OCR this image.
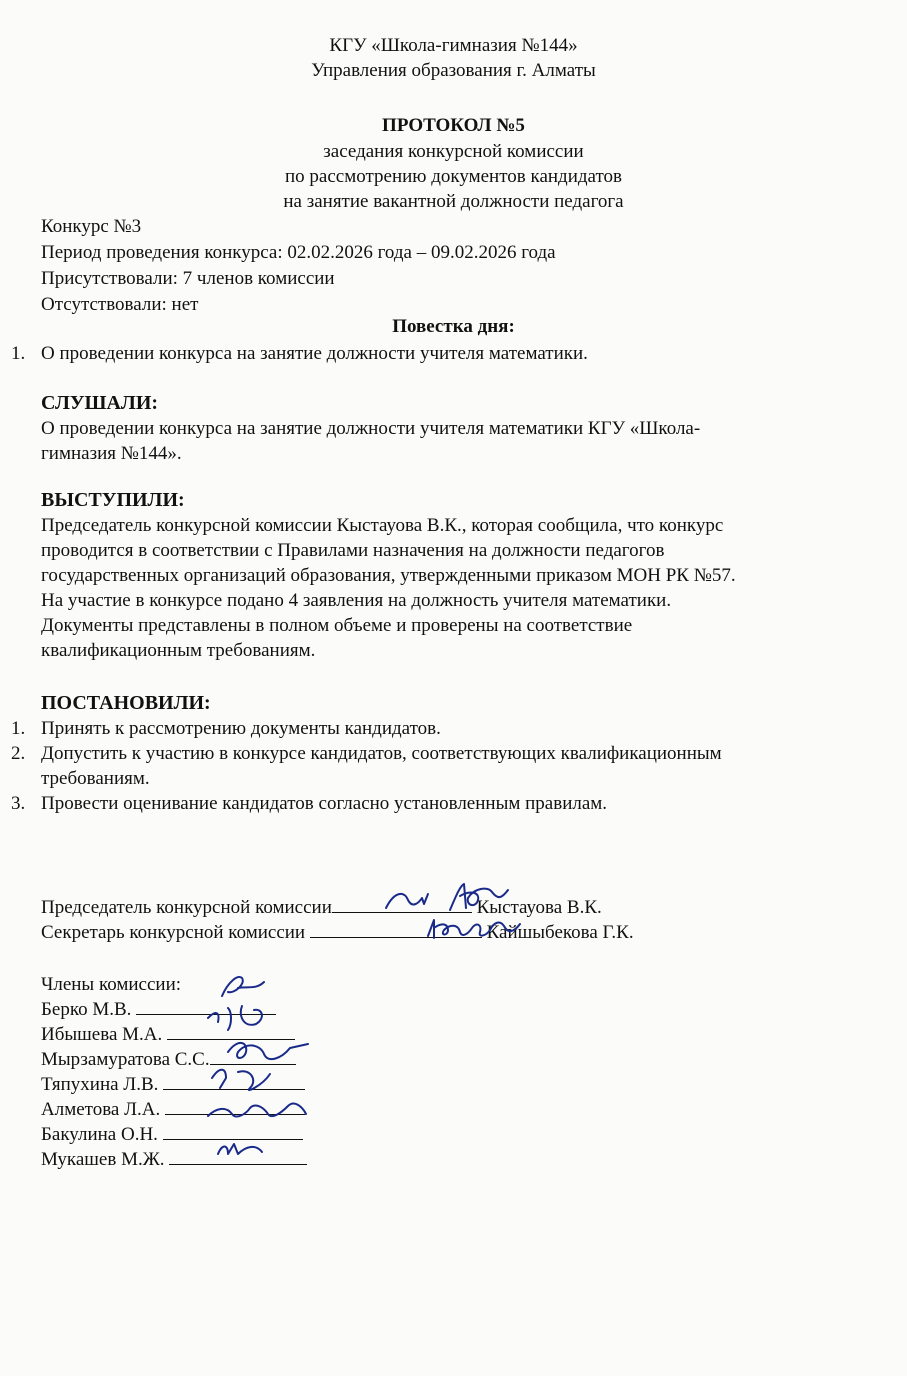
КГУ «Школа-гимназия №144»
Управления образования г. Алматы
ПРОТОКОЛ №5
заседания конкурсной комиссии
по рассмотрению документов кандидатов
на занятие вакантной должности педагога
Конкурс №3
Период проведения конкурса: 02.02.2026 года – 09.02.2026 года
Присутствовали: 7 членов комиссии
Отсутствовали: нет
Повестка дня:
1. О проведении конкурса на занятие должности учителя математики.
СЛУШАЛИ:
О проведении конкурса на занятие должности учителя математики КГУ «Школа-
гимназия №144».
ВЫСТУПИЛИ:
Председатель конкурсной комиссии Кыстауова В.К., которая сообщила, что конкурс
проводится в соответствии с Правилами назначения на должности педагогов
государственных организаций образования, утвержденными приказом МОН РК №57.
На участие в конкурсе подано 4 заявления на должность учителя математики.
Документы представлены в полном объеме и проверены на соответствие
квалификационным требованиям.
ПОСТАНОВИЛИ:
1. Принять к рассмотрению документы кандидатов.
2. Допустить к участию в конкурсе кандидатов, соответствующих квалификационным
требованиям.
3. Провести оценивание кандидатов согласно установленным правилам.
Председатель конкурсной комиссии	Кыстауова В.К.
Секретарь конкурсной комиссии	Кайшыбекова Г.К.
Члены комиссии:
Берко М.В.
Ибышева М.А.
Мырзамуратова С.С.
Тяпухина Л.В.
Алметова Л.А.
Бакулина О.Н.
Мукашев М.Ж.
